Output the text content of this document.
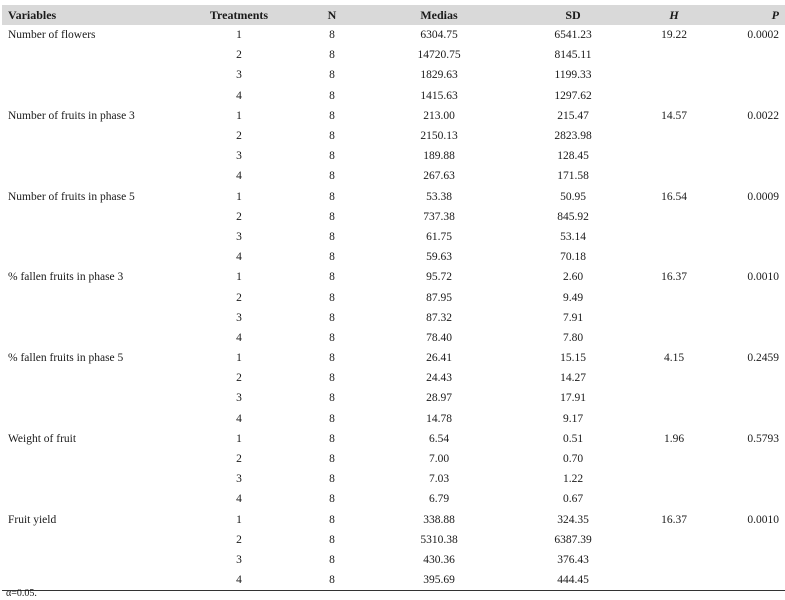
Variables	Treatments	N	Medias	SD	H	P
Number of flowers	1	8	6304.75	6541.23	19.22	0.0002
	2	8	14720.75	8145.11		
	3	8	1829.63	1199.33		
	4	8	1415.63	1297.62		
Number of fruits in phase 3	1	8	213.00	215.47	14.57	0.0022
	2	8	2150.13	2823.98		
	3	8	189.88	128.45		
	4	8	267.63	171.58		
Number of fruits in phase 5	1	8	53.38	50.95	16.54	0.0009
	2	8	737.38	845.92		
	3	8	61.75	53.14		
	4	8	59.63	70.18		
% fallen fruits in phase 3	1	8	95.72	2.60	16.37	0.0010
	2	8	87.95	9.49		
	3	8	87.32	7.91		
	4	8	78.40	7.80		
% fallen fruits in phase 5	1	8	26.41	15.15	4.15	0.2459
	2	8	24.43	14.27		
	3	8	28.97	17.91		
	4	8	14.78	9.17		
Weight of fruit	1	8	6.54	0.51	1.96	0.5793
	2	8	7.00	0.70		
	3	8	7.03	1.22		
	4	8	6.79	0.67		
Fruit yield	1	8	338.88	324.35	16.37	0.0010
	2	8	5310.38	6387.39		
	3	8	430.36	376.43		
	4	8	395.69	444.45		
α=0.05.
